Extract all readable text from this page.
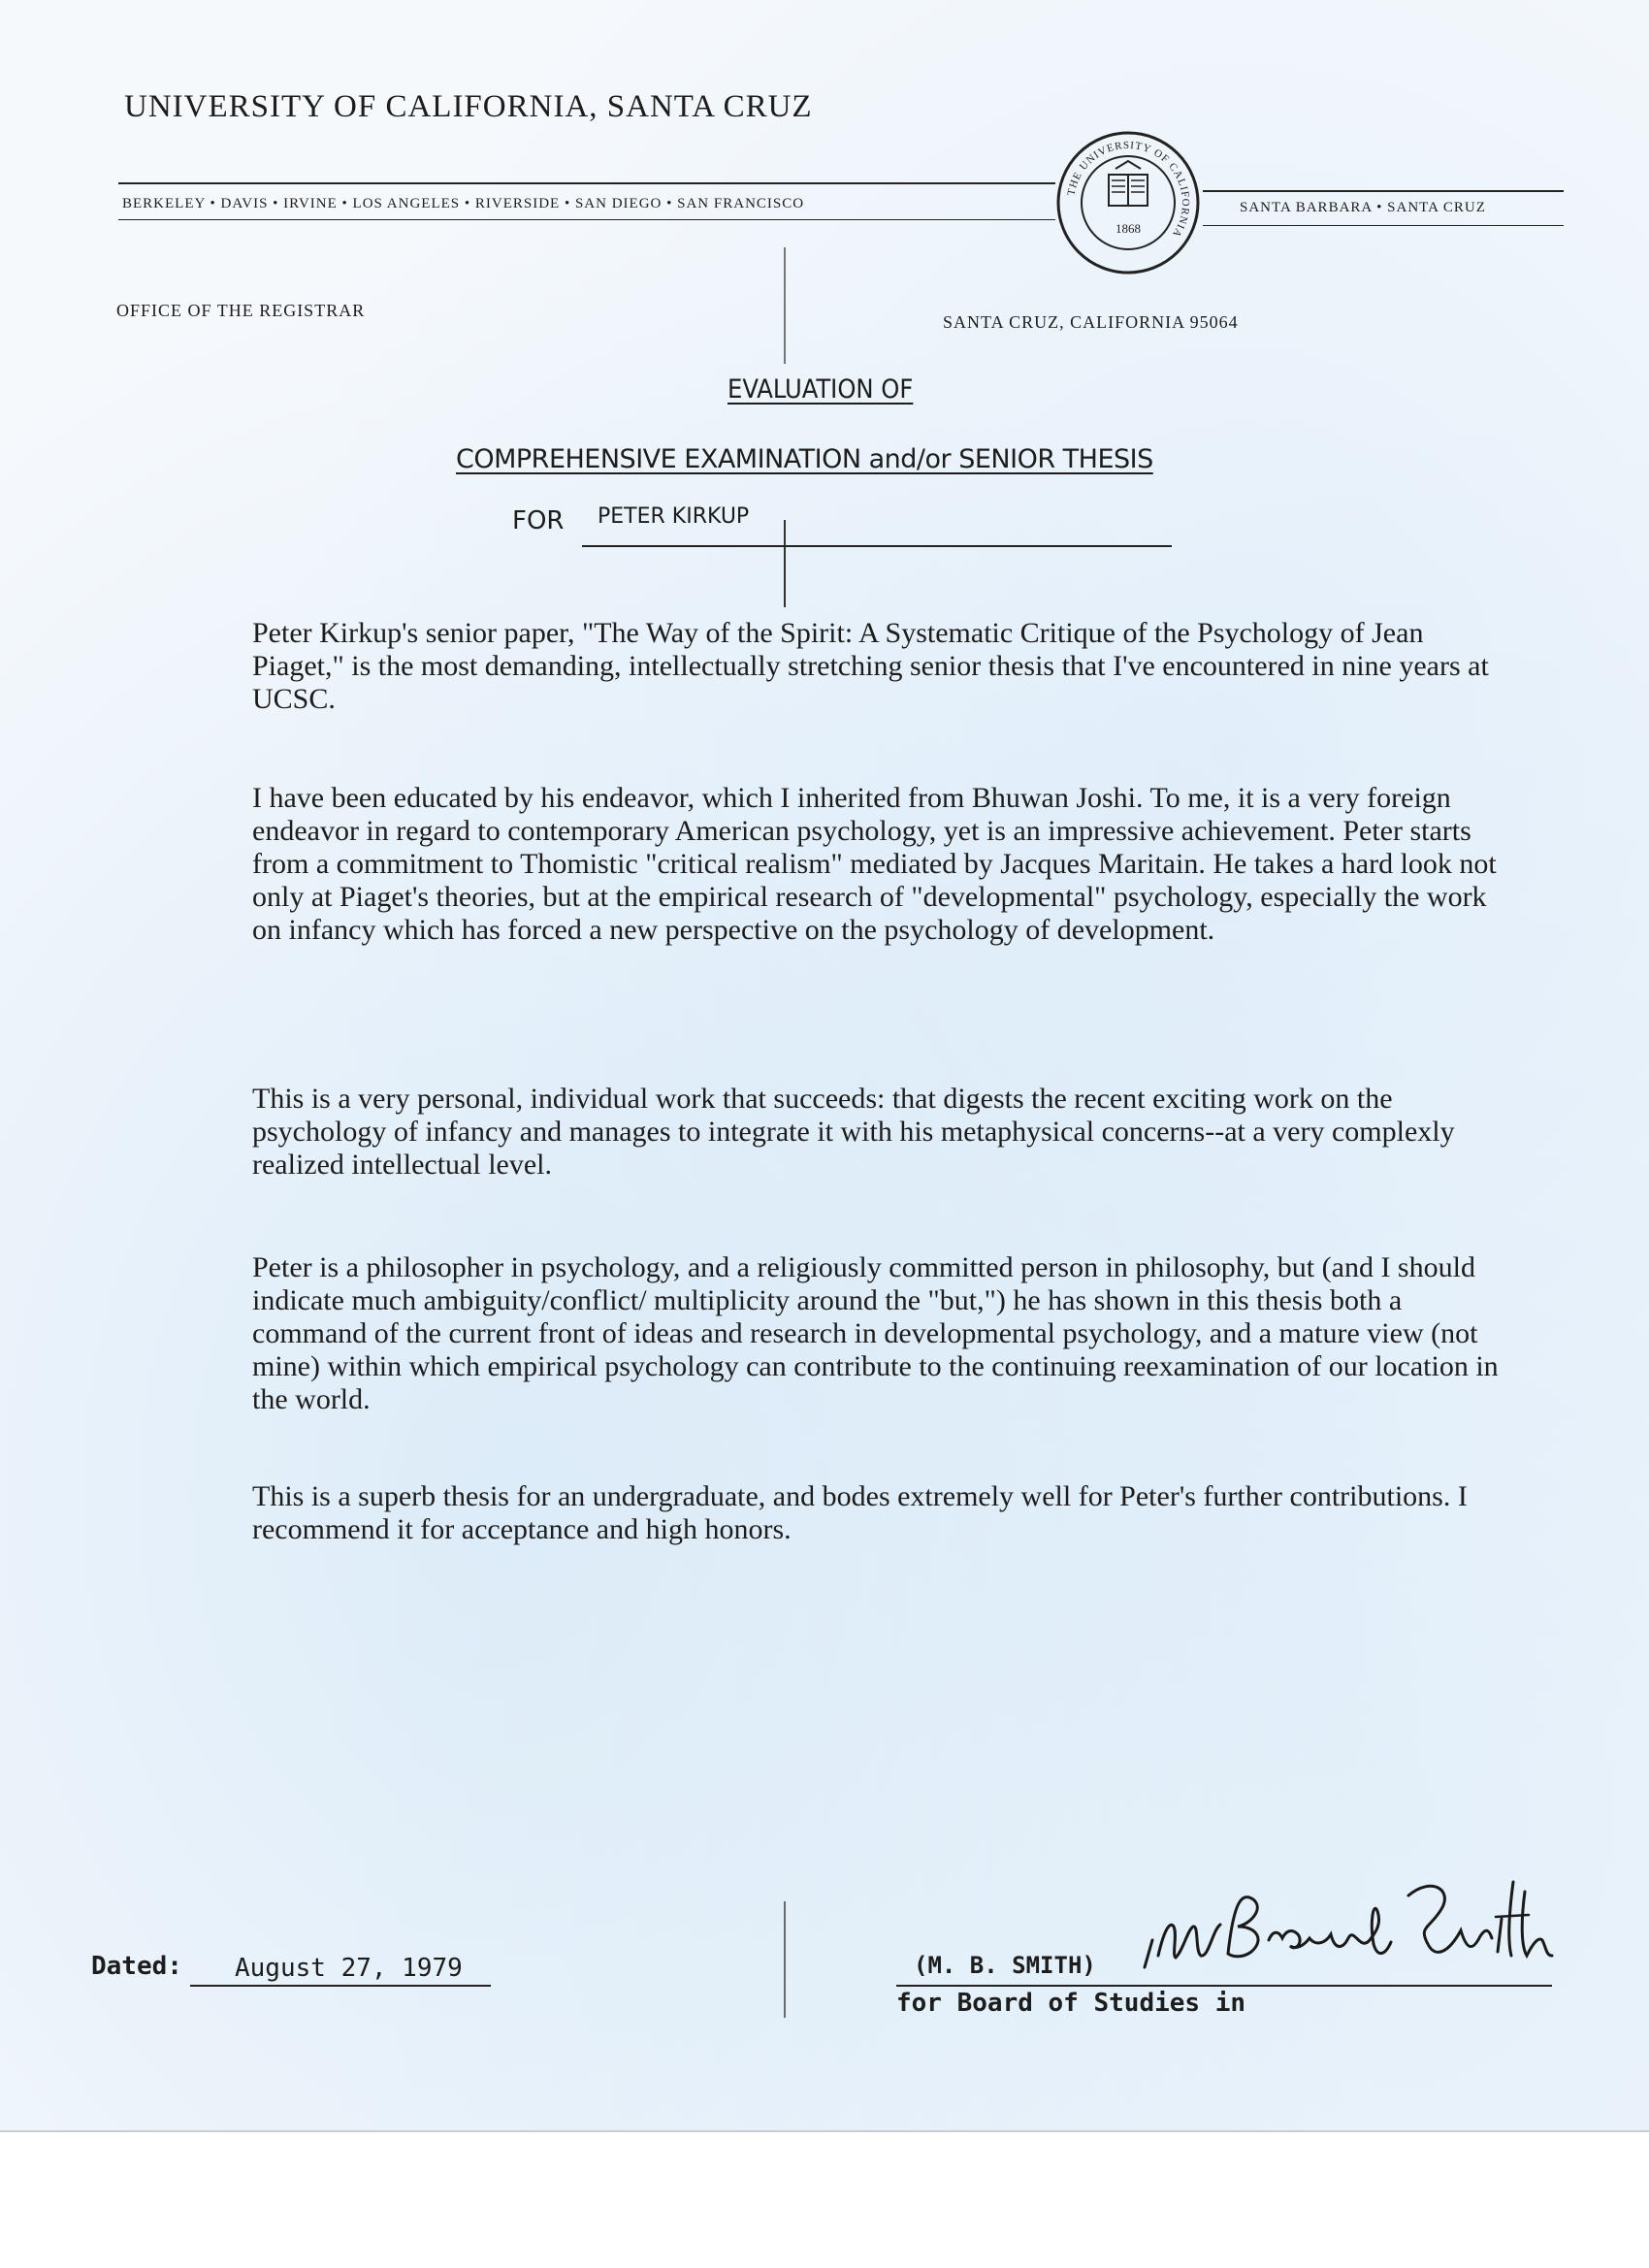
UNIVERSITY OF CALIFORNIA, SANTA CRUZ
BERKELEY • DAVIS • IRVINE • LOS ANGELES • RIVERSIDE • SAN DIEGO • SAN FRANCISCO	SANTA BARBARA • SANTA CRUZ
THE UNIVERSITY OF CALIFORNIA
1868
OFFICE OF THE REGISTRAR
SANTA CRUZ, CALIFORNIA 95064
EVALUATION OF
COMPREHENSIVE EXAMINATION and/or SENIOR THESIS
FOR PETER KIRKUP
Peter Kirkup's senior paper, "The Way of the Spirit: A Systematic Critique of the Psychology of Jean Piaget," is the most demanding, intellectually stretching senior thesis that I've encountered in nine years at UCSC.
I have been educated by his endeavor, which I inherited from Bhuwan Joshi. To me, it is a very foreign endeavor in regard to contemporary American psychology, yet is an impressive achievement. Peter starts from a commitment to Thomistic "critical realism" mediated by Jacques Maritain. He takes a hard look not only at Piaget's theories, but at the empirical research of "developmental" psychology, especially the work on infancy which has forced a new perspective on the psychology of development.
This is a very personal, individual work that succeeds: that digests the recent exciting work on the psychology of infancy and manages to integrate it with his metaphysical concerns--at a very complexly realized intellectual level.
Peter is a philosopher in psychology, and a religiously committed person in philosophy, but (and I should indicate much ambiguity/conflict/ multiplicity around the "but,") he has shown in this thesis both a command of the current front of ideas and research in developmental psychology, and a mature view (not mine) within which empirical psychology can contribute to the continuing reexamination of our location in the world.
This is a superb thesis for an undergraduate, and bodes extremely well for Peter's further contributions. I recommend it for acceptance and high honors.
Dated: August 27, 1979	(M. B. SMITH)
for Board of Studies in
